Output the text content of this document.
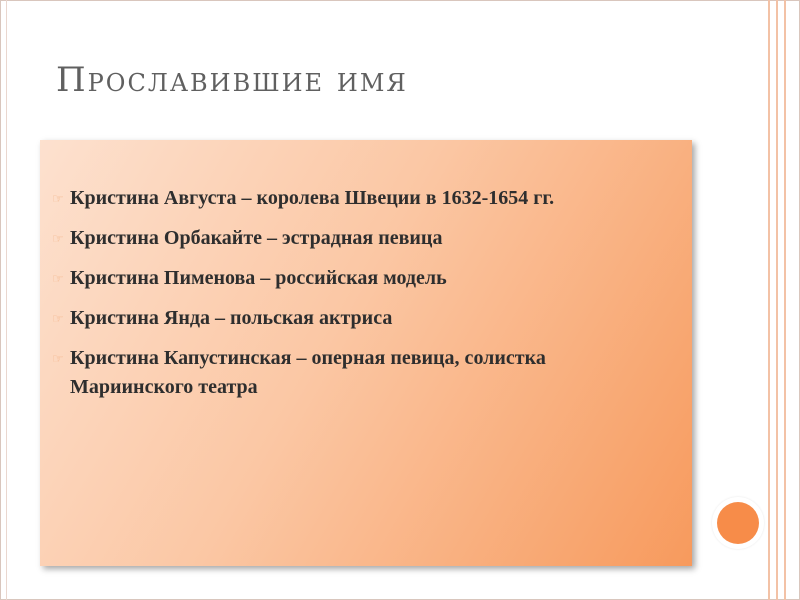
Прославившие имя
☞ Кристина Августа – королева Швеции в 1632-1654 гг.
☞ Кристина Орбакайте – эстрадная певица
☞ Кристина Пименова – российская модель
☞ Кристина Янда – польская актриса
☞ Кристина Капустинская – оперная певица, солистка Мариинского театра
